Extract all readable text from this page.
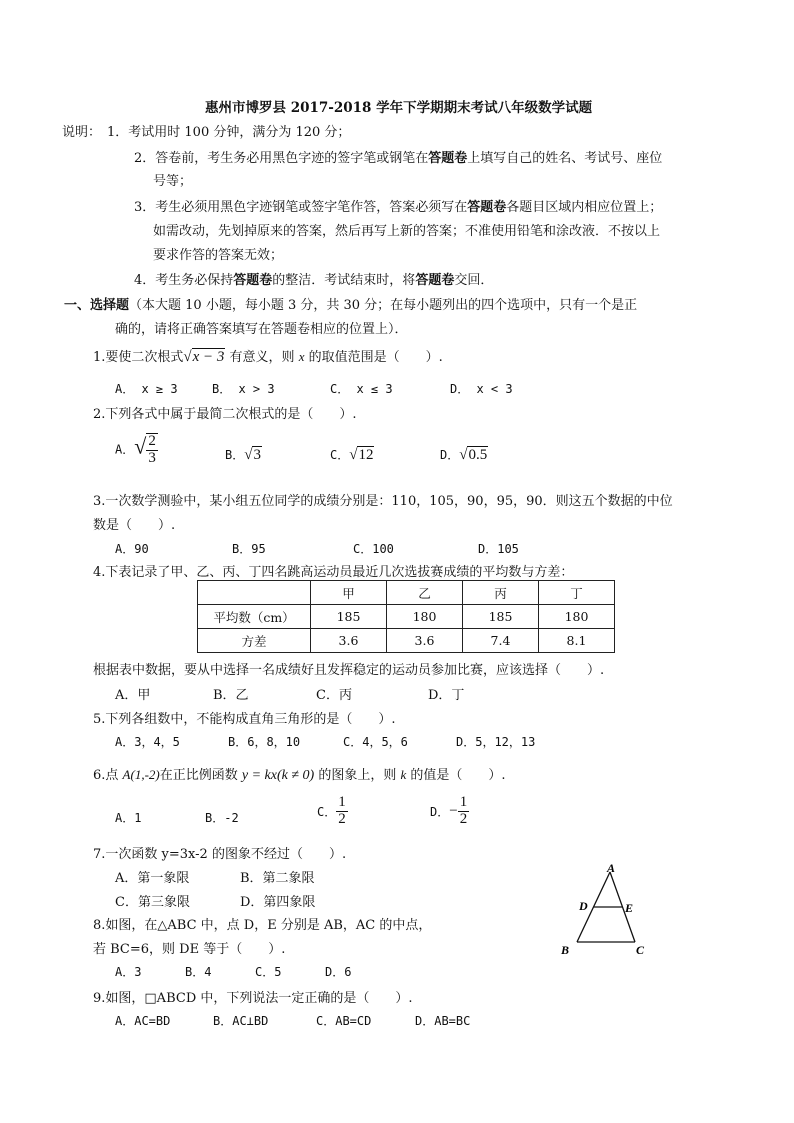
惠州市博罗县 2017-2018 学年下学期期末考试八年级数学试题
说明： 1．考试用时 100 分钟，满分为 120 分；
2．答卷前，考生务必用黑色字迹的签字笔或钢笔在答题卷上填写自己的姓名、考试号、座位
号等；
3．考生必须用黑色字迹钢笔或签字笔作答，答案必须写在答题卷各题目区域内相应位置上；
如需改动，先划掉原来的答案，然后再写上新的答案；不准使用铅笔和涂改液．不按以上
要求作答的答案无效；
4．考生务必保持答题卷的整洁．考试结束时，将答题卷交回．
一、选择题（本大题 10 小题，每小题 3 分，共 30 分；在每小题列出的四个选项中，只有一个是正
确的，请将正确答案填写在答题卷相应的位置上）．
1.要使二次根式√x − 3 有意义，则 x 的取值范围是（　　）.
A． x ≥ 3	B． x > 3	C． x ≤ 3	D． x < 3
2.下列各式中属于最简二次根式的是（　　）.
A．√ $\frac{2}{3}$	B．√3	C．√12	D．√0.5
3.一次数学测验中，某小组五位同学的成绩分别是：110，105，90，95，90．则这五个数据的中位
数是（　　）.
A．90	B．95	C．100	D．105
4.下表记录了甲、乙、丙、丁四名跳高运动员最近几次选拔赛成绩的平均数与方差：
	甲	乙	丙	丁
平均数（cm）	185	180	185	180
方差	3.6	3.6	7.4	8.1
根据表中数据，要从中选择一名成绩好且发挥稳定的运动员参加比赛，应该选择（　　）.
A．甲	B．乙	C．丙	D．丁
5.下列各组数中，不能构成直角三角形的是（　　）.
A．3，4，5	B．6，8，10	C．4，5，6	D．5，12，13
6.点 A(1,-2)在正比例函数 y = kx(k ≠ 0) 的图象上，则 k 的值是（　　）.
A．1	B．-2	C． $\frac{1}{2}$	D．− $\frac{1}{2}$
7.一次函数 y=3x-2 的图象不经过（　　）.
A．第一象限	B．第二象限
C．第三象限	D．第四象限
8.如图，在△ABC 中，点 D，E 分别是 AB，AC 的中点，
若 BC=6，则 DE 等于（　　）.
A．3	B．4	C．5	D．6
A
D	E
B	C
9.如图，□ABCD 中，下列说法一定正确的是（　　）.
A．AC=BD	B．AC⊥BD	C．AB=CD	D．AB=BC
